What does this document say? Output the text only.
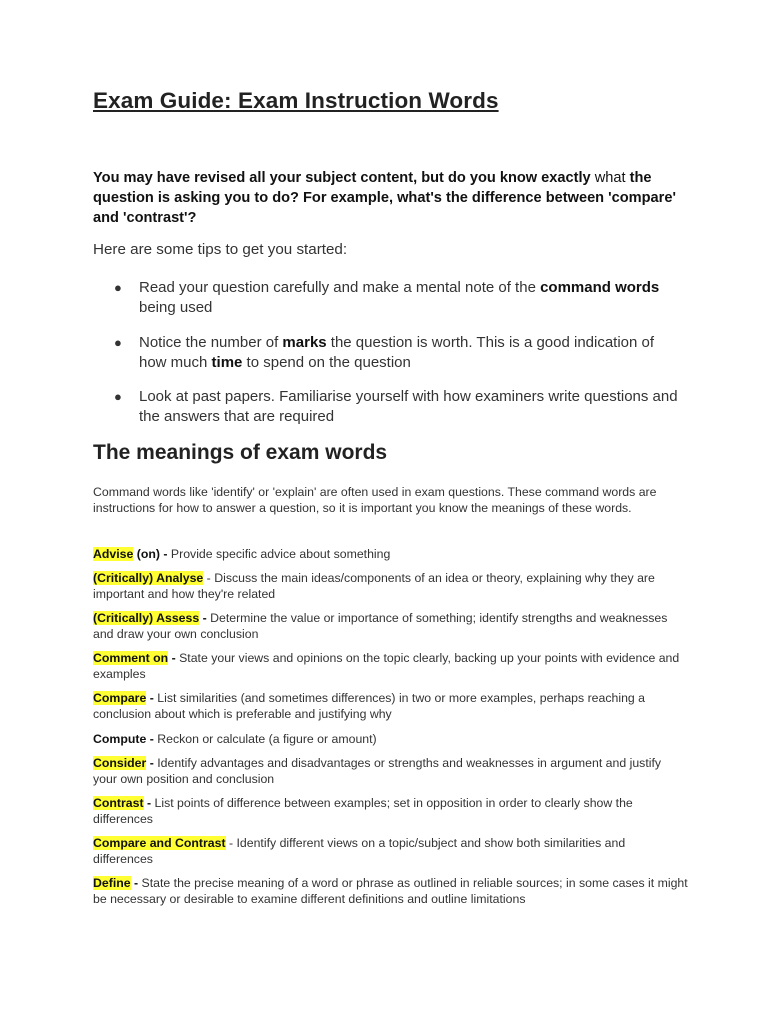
Exam Guide: Exam Instruction Words
You may have revised all your subject content, but do you know exactly what the question is asking you to do? For example, what's the difference between 'compare' and 'contrast'?
Here are some tips to get you started:
● Read your question carefully and make a mental note of the command words being used
● Notice the number of marks the question is worth. This is a good indication of how much time to spend on the question
● Look at past papers. Familiarise yourself with how examiners write questions and the answers that are required
The meanings of exam words
Command words like 'identify' or 'explain' are often used in exam questions. These command words are instructions for how to answer a question, so it is important you know the meanings of these words.
Advise (on) - Provide specific advice about something
(Critically) Analyse - Discuss the main ideas/components of an idea or theory, explaining why they are important and how they're related
(Critically) Assess - Determine the value or importance of something; identify strengths and weaknesses and draw your own conclusion
Comment on - State your views and opinions on the topic clearly, backing up your points with evidence and examples
Compare - List similarities (and sometimes differences) in two or more examples, perhaps reaching a conclusion about which is preferable and justifying why
Compute - Reckon or calculate (a figure or amount)
Consider - Identify advantages and disadvantages or strengths and weaknesses in argument and justify your own position and conclusion
Contrast - List points of difference between examples; set in opposition in order to clearly show the differences
Compare and Contrast - Identify different views on a topic/subject and show both similarities and differences
Define - State the precise meaning of a word or phrase as outlined in reliable sources; in some cases it might be necessary or desirable to examine different definitions and outline limitations
